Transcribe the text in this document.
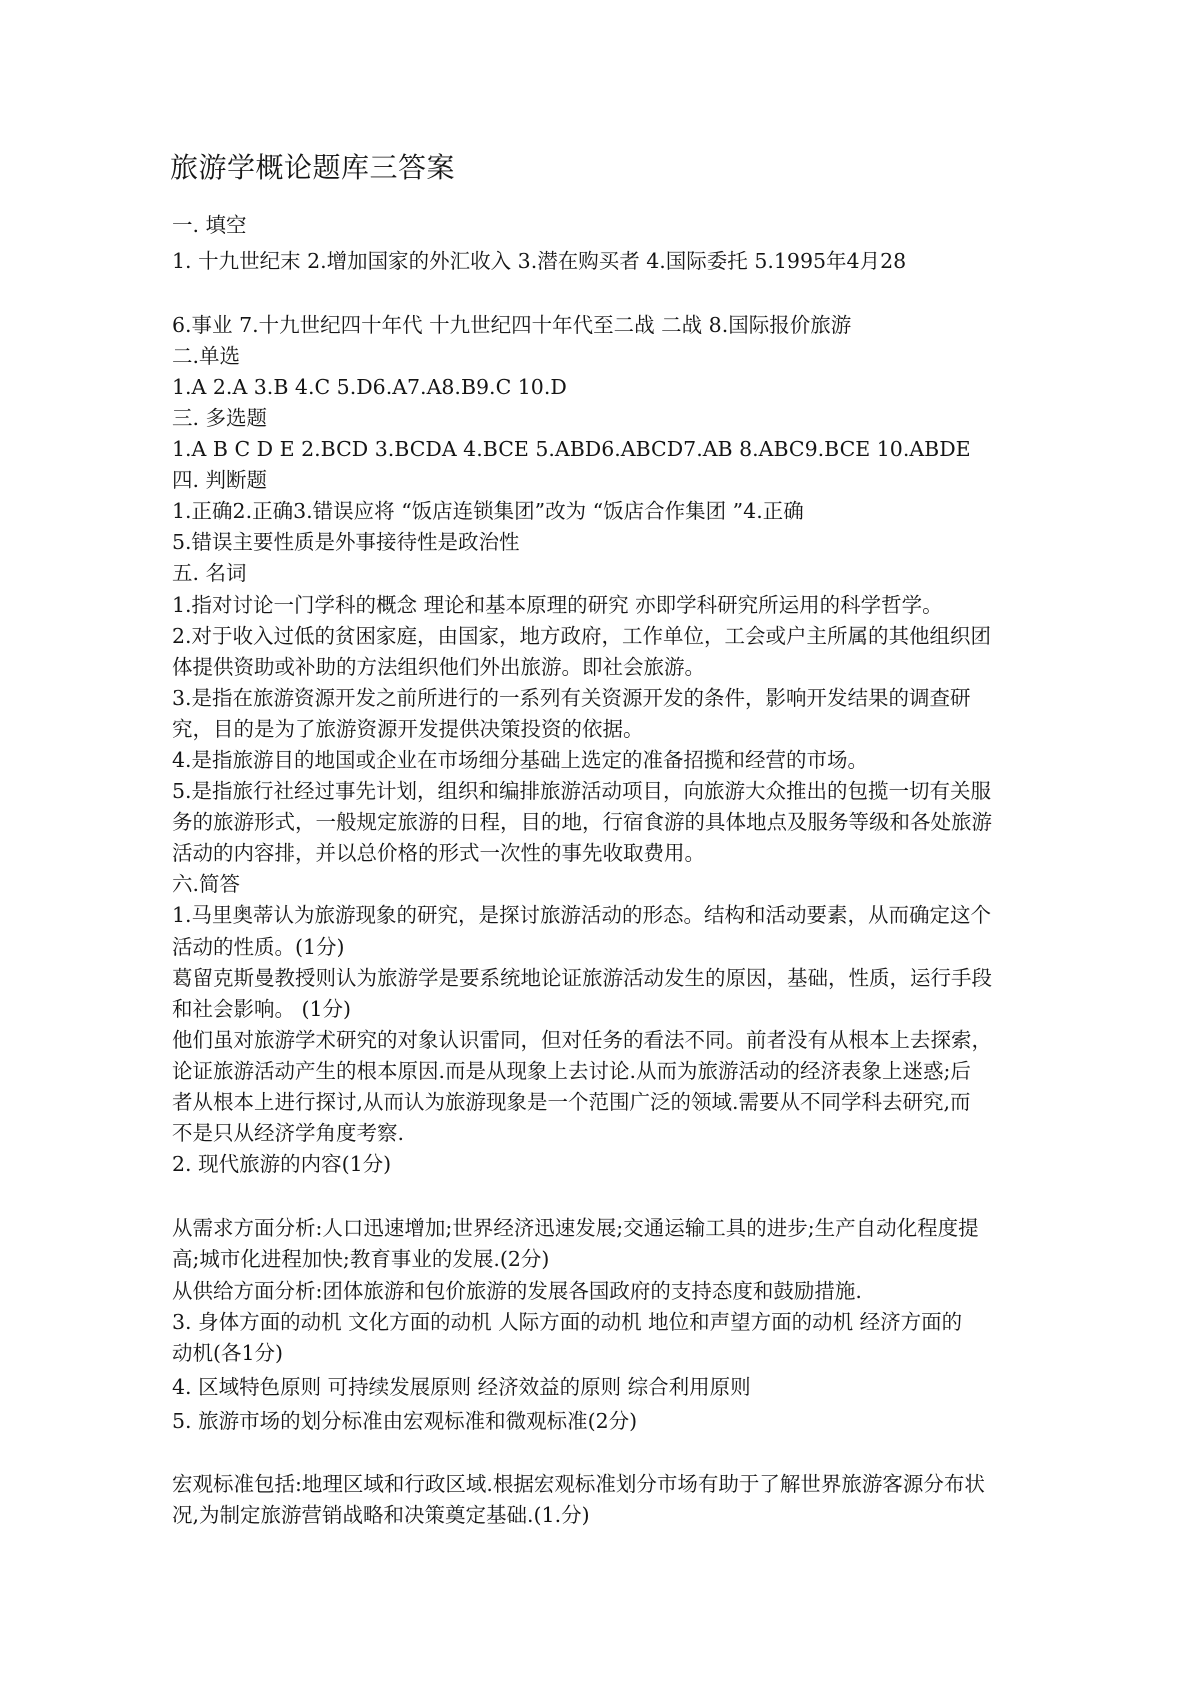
旅游学概论题库三答案
一. 填空
1. 十九世纪末 2.增加国家的外汇收入 3.潜在购买者 4.国际委托 5.1995年4月28
6.事业 7.十九世纪四十年代 十九世纪四十年代至二战 二战 8.国际报价旅游
二.单选
1.A 2.A 3.B 4.C 5.D6.A7.A8.B9.C 10.D
三. 多选题
1.A B C D E 2.BCD 3.BCDA 4.BCE 5.ABD6.ABCD7.AB 8.ABC9.BCE 10.ABDE
四. 判断题
1.正确2.正确3.错误应将 “饭店连锁集团”改为 “饭店合作集团 ”4.正确
5.错误主要性质是外事接待性是政治性
五. 名词
1.指对讨论一门学科的概念 理论和基本原理的研究 亦即学科研究所运用的科学哲学。
2.对于收入过低的贫困家庭，由国家，地方政府，工作单位，工会或户主所属的其他组织团
体提供资助或补助的方法组织他们外出旅游。即社会旅游。
3.是指在旅游资源开发之前所进行的一系列有关资源开发的条件，影响开发结果的调查研
究，目的是为了旅游资源开发提供决策投资的依据。
4.是指旅游目的地国或企业在市场细分基础上选定的准备招揽和经营的市场。
5.是指旅行社经过事先计划，组织和编排旅游活动项目，向旅游大众推出的包揽一切有关服
务的旅游形式，一般规定旅游的日程，目的地，行宿食游的具体地点及服务等级和各处旅游
活动的内容排，并以总价格的形式一次性的事先收取费用。
六.简答
1.马里奥蒂认为旅游现象的研究，是探讨旅游活动的形态。结构和活动要素，从而确定这个
活动的性质。(1分)
葛留克斯曼教授则认为旅游学是要系统地论证旅游活动发生的原因，基础，性质，运行手段
和社会影响。 (1分)
他们虽对旅游学术研究的对象认识雷同，但对任务的看法不同。前者没有从根本上去探索，
论证旅游活动产生的根本原因.而是从现象上去讨论.从而为旅游活动的经济表象上迷惑;后
者从根本上进行探讨,从而认为旅游现象是一个范围广泛的领域.需要从不同学科去研究,而
不是只从经济学角度考察.
2. 现代旅游的内容(1分)
从需求方面分析:人口迅速增加;世界经济迅速发展;交通运输工具的进步;生产自动化程度提
高;城市化进程加快;教育事业的发展.(2分)
从供给方面分析:团体旅游和包价旅游的发展各国政府的支持态度和鼓励措施.
3. 身体方面的动机 文化方面的动机 人际方面的动机 地位和声望方面的动机 经济方面的
动机(各1分)
4. 区域特色原则 可持续发展原则 经济效益的原则 综合利用原则
5. 旅游市场的划分标准由宏观标准和微观标准(2分)
宏观标准包括:地理区域和行政区域.根据宏观标准划分市场有助于了解世界旅游客源分布状
况,为制定旅游营销战略和决策奠定基础.(1.分)
